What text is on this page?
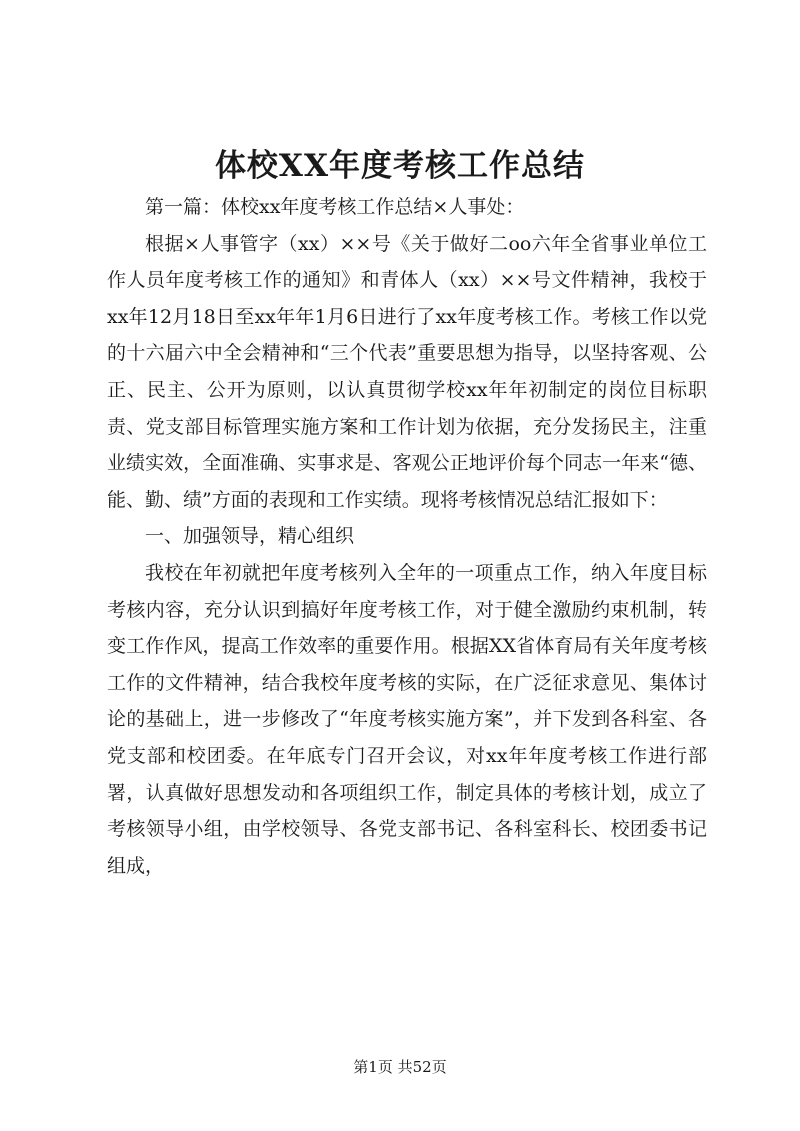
体校XX年度考核工作总结

第一篇：体校xx年度考核工作总结×人事处：

根据×人事管字（xx）××号《关于做好二oo六年全省事业单位工作人员年度考核工作的通知》和青体人（xx）××号文件精神，我校于xx年12月18日至xx年年1月6日进行了xx年度考核工作。考核工作以党的十六届六中全会精神和“三个代表”重要思想为指导，以坚持客观、公正、民主、公开为原则，以认真贯彻学校xx年年初制定的岗位目标职责、党支部目标管理实施方案和工作计划为依据，充分发扬民主，注重业绩实效，全面准确、实事求是、客观公正地评价每个同志一年来“德、能、勤、绩”方面的表现和工作实绩。现将考核情况总结汇报如下：

一、加强领导，精心组织

我校在年初就把年度考核列入全年的一项重点工作，纳入年度目标考核内容，充分认识到搞好年度考核工作，对于健全激励约束机制，转变工作作风，提高工作效率的重要作用。根据XX省体育局有关年度考核工作的文件精神，结合我校年度考核的实际，在广泛征求意见、集体讨论的基础上，进一步修改了“年度考核实施方案”，并下发到各科室、各党支部和校团委。在年底专门召开会议，对xx年年度考核工作进行部署，认真做好思想发动和各项组织工作，制定具体的考核计划，成立了考核领导小组，由学校领导、各党支部书记、各科室科长、校团委书记组成，

第1页 共52页
